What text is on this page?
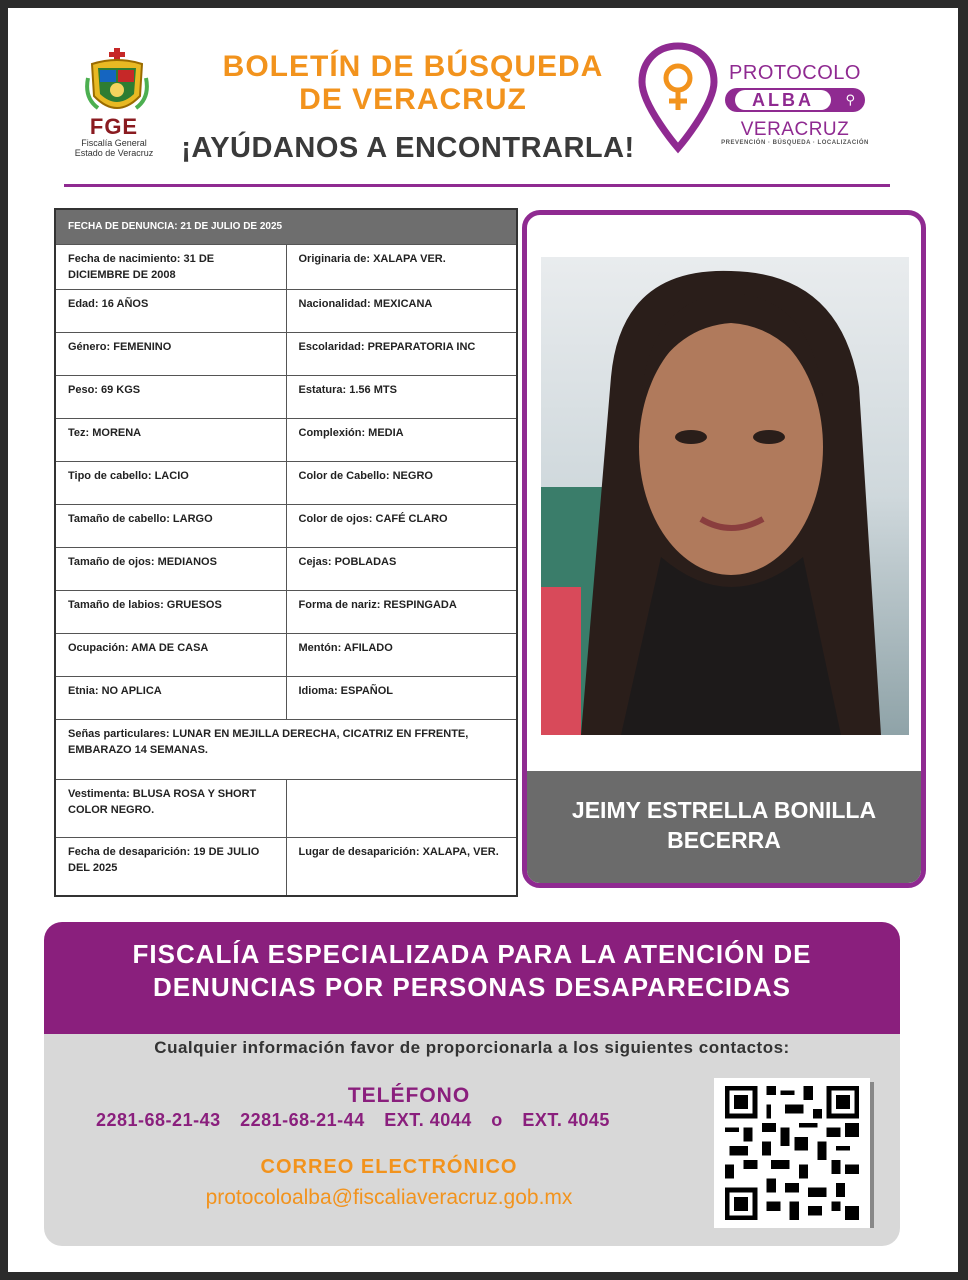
FGE
Fiscalía General
Estado de Veracruz
BOLETÍN DE BÚSQUEDA
DE VERACRUZ
¡AYÚDANOS A ENCONTRARLA!
PROTOCOLO
ALBA	⚲
VERACRUZ
PREVENCIÓN · BÚSQUEDA · LOCALIZACIÓN
FECHA DE DENUNCIA: 21 DE JULIO DE 2025	
Fecha de nacimiento: 31 DE DICIEMBRE DE 2008	Originaria de: XALAPA VER.
Edad: 16 AÑOS	Nacionalidad: MEXICANA
Género: FEMENINO	Escolaridad: PREPARATORIA INC
Peso: 69 KGS	Estatura: 1.56 MTS
Tez: MORENA	Complexión: MEDIA
Tipo de cabello: LACIO	Color de Cabello: NEGRO
Tamaño de cabello: LARGO	Color de ojos: CAFÉ CLARO
Tamaño de ojos: MEDIANOS	Cejas: POBLADAS
Tamaño de labios: GRUESOS	Forma de nariz: RESPINGADA
Ocupación: AMA DE CASA	Mentón: AFILADO
Etnia: NO APLICA	Idioma: ESPAÑOL
Señas particulares: LUNAR EN MEJILLA DERECHA, CICATRIZ EN FFRENTE, EMBARAZO 14 SEMANAS.	
Vestimenta: BLUSA ROSA Y SHORT COLOR NEGRO.	
Fecha de desaparición: 19 DE JULIO DEL 2025	Lugar de desaparición: XALAPA, VER.
JEIMY ESTRELLA BONILLA
BECERRA
FISCALÍA ESPECIALIZADA PARA LA ATENCIÓN DE
DENUNCIAS POR PERSONAS DESAPARECIDAS
Cualquier información favor de proporcionarla a los siguientes contactos:
TELÉFONO
2281-68-21-43 2281-68-21-44 EXT. 4044 o EXT. 4045
CORREO ELECTRÓNICO
protocoloalba@fiscaliaveracruz.gob.mx
